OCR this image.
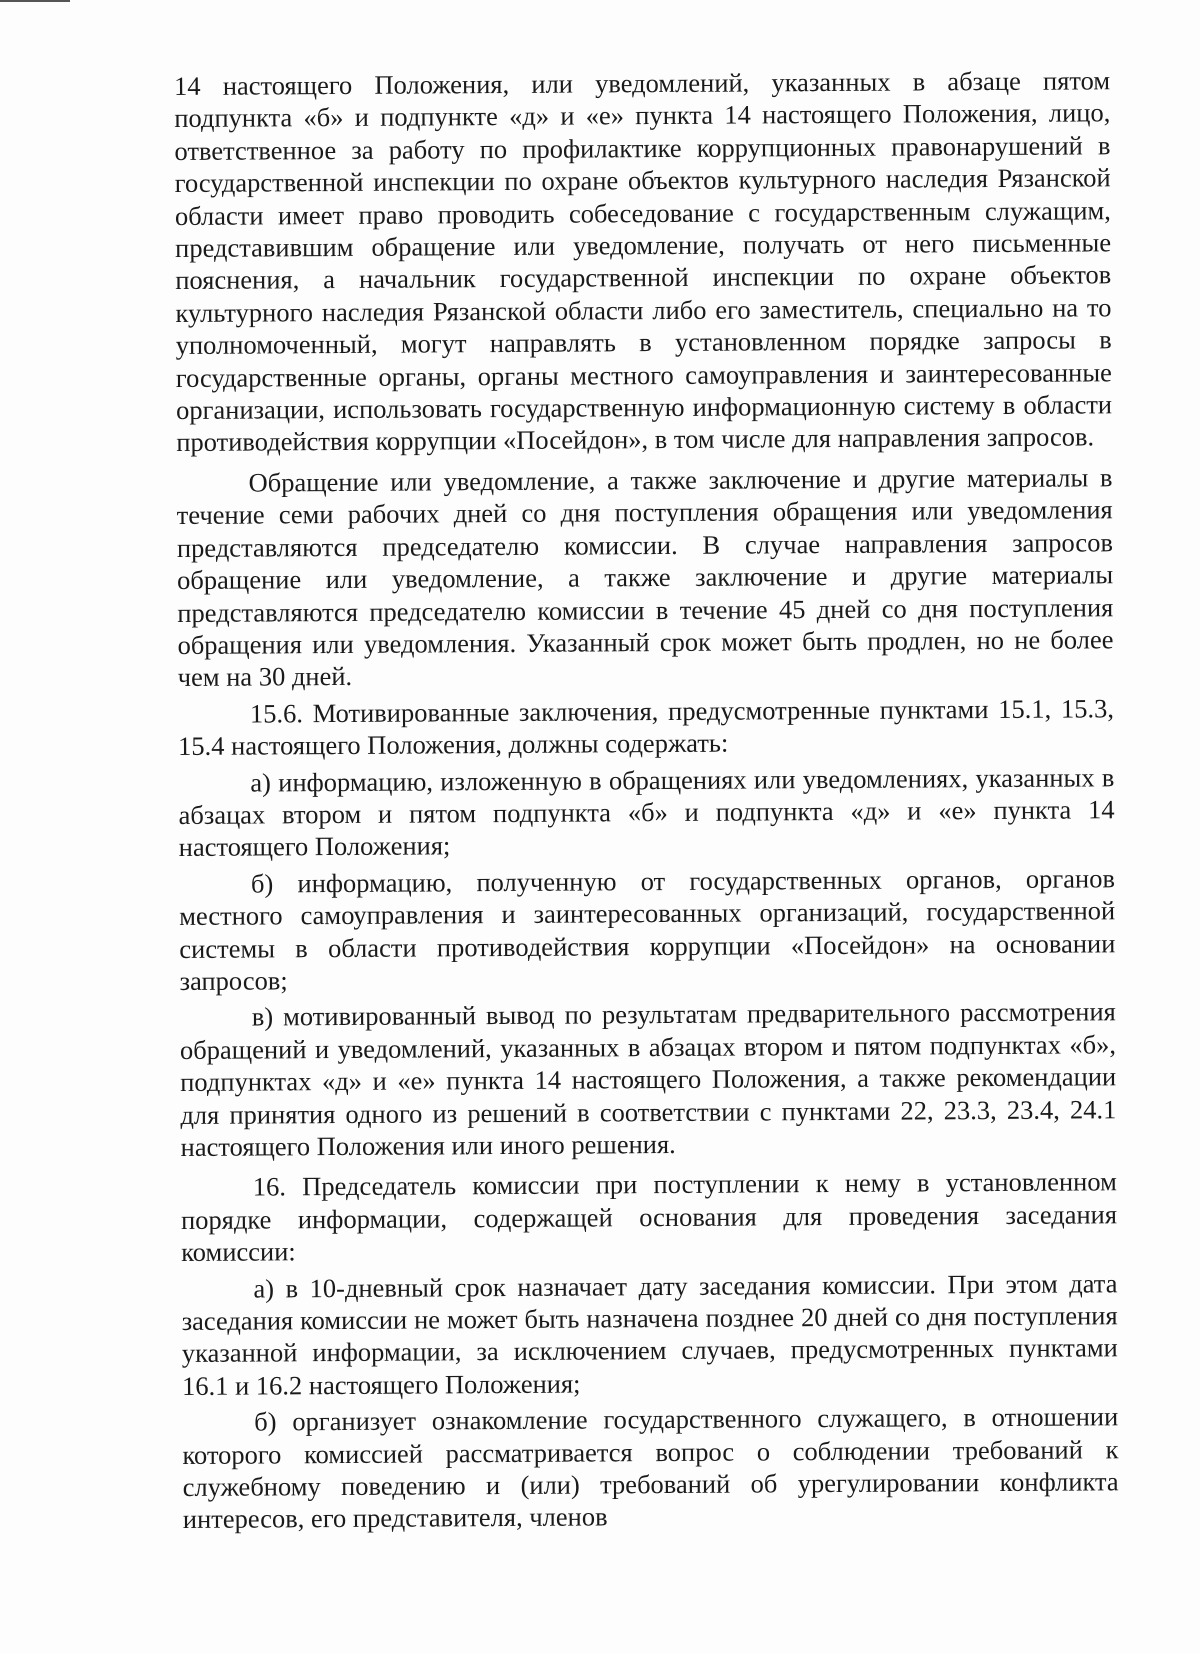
14 настоящего Положения, или уведомлений, указанных в абзаце пятом подпункта «б» и подпункте «д» и «е» пункта 14 настоящего Положения, лицо, ответственное за работу по профилактике коррупционных правонарушений в государственной инспекции по охране объектов культурного наследия Рязанской области имеет право проводить собеседование с государственным служащим, представившим обращение или уведомление, получать от него письменные пояснения, а начальник государственной инспекции по охране объектов культурного наследия Рязанской области либо его заместитель, специально на то уполномоченный, могут направлять в установленном порядке запросы в государственные органы, органы местного самоуправления и заинтересованные организации, использовать государственную информационную систему в области противодействия коррупции «Посейдон», в том числе для направления запросов.

Обращение или уведомление, а также заключение и другие материалы в течение семи рабочих дней со дня поступления обращения или уведомления представляются председателю комиссии. В случае направления запросов обращение или уведомление, а также заключение и другие материалы представляются председателю комиссии в течение 45 дней со дня поступления обращения или уведомления. Указанный срок может быть продлен, но не более чем на 30 дней.

15.6. Мотивированные заключения, предусмотренные пунктами 15.1, 15.3, 15.4 настоящего Положения, должны содержать:

а) информацию, изложенную в обращениях или уведомлениях, указанных в абзацах втором и пятом подпункта «б» и подпункта «д» и «е» пункта 14 настоящего Положения;

б) информацию, полученную от государственных органов, органов местного самоуправления и заинтересованных организаций, государственной системы в области противодействия коррупции «Посейдон» на основании запросов;

в) мотивированный вывод по результатам предварительного рассмотрения обращений и уведомлений, указанных в абзацах втором и пятом подпунктах «б», подпунктах «д» и «е» пункта 14 настоящего Положения, а также рекомендации для принятия одного из решений в соответствии с пунктами 22, 23.3, 23.4, 24.1 настоящего Положения или иного решения.

16. Председатель комиссии при поступлении к нему в установленном порядке информации, содержащей основания для проведения заседания комиссии:

а) в 10-дневный срок назначает дату заседания комиссии. При этом дата заседания комиссии не может быть назначена позднее 20 дней со дня поступления указанной информации, за исключением случаев, предусмотренных пунктами 16.1 и 16.2 настоящего Положения;

б) организует ознакомление государственного служащего, в отношении которого комиссией рассматривается вопрос о соблюдении требований к служебному поведению и (или) требований об урегулировании конфликта интересов, его представителя, членов
